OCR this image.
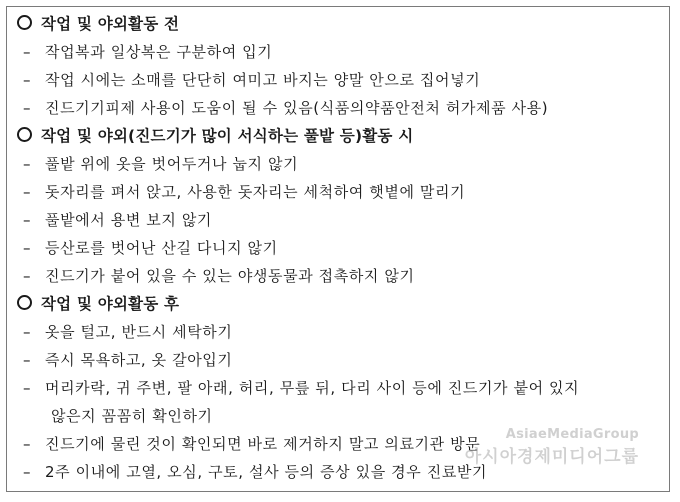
작업 및 야외활동 전
– 작업복과 일상복은 구분하여 입기
– 작업 시에는 소매를 단단히 여미고 바지는 양말 안으로 집어넣기
– 진드기기피제 사용이 도움이 될 수 있음(식품의약품안전처 허가제품 사용)
작업 및 야외(진드기가 많이 서식하는 풀밭 등)활동 시
– 풀밭 위에 옷을 벗어두거나 눕지 않기
– 돗자리를 펴서 앉고, 사용한 돗자리는 세척하여 햇볕에 말리기
– 풀밭에서 용변 보지 않기
– 등산로를 벗어난 산길 다니지 않기
– 진드기가 붙어 있을 수 있는 야생동물과 접촉하지 않기
작업 및 야외활동 후
– 옷을 털고, 반드시 세탁하기
– 즉시 목욕하고, 옷 갈아입기
– 머리카락, 귀 주변, 팔 아래, 허리, 무릎 뒤, 다리 사이 등에 진드기가 붙어 있지
않은지 꼼꼼히 확인하기
– 진드기에 물린 것이 확인되면 바로 제거하지 말고 의료기관 방문
– 2주 이내에 고열, 오심, 구토, 설사 등의 증상 있을 경우 진료받기
AsiaeMediaGroup
아시아경제미디어그룹
